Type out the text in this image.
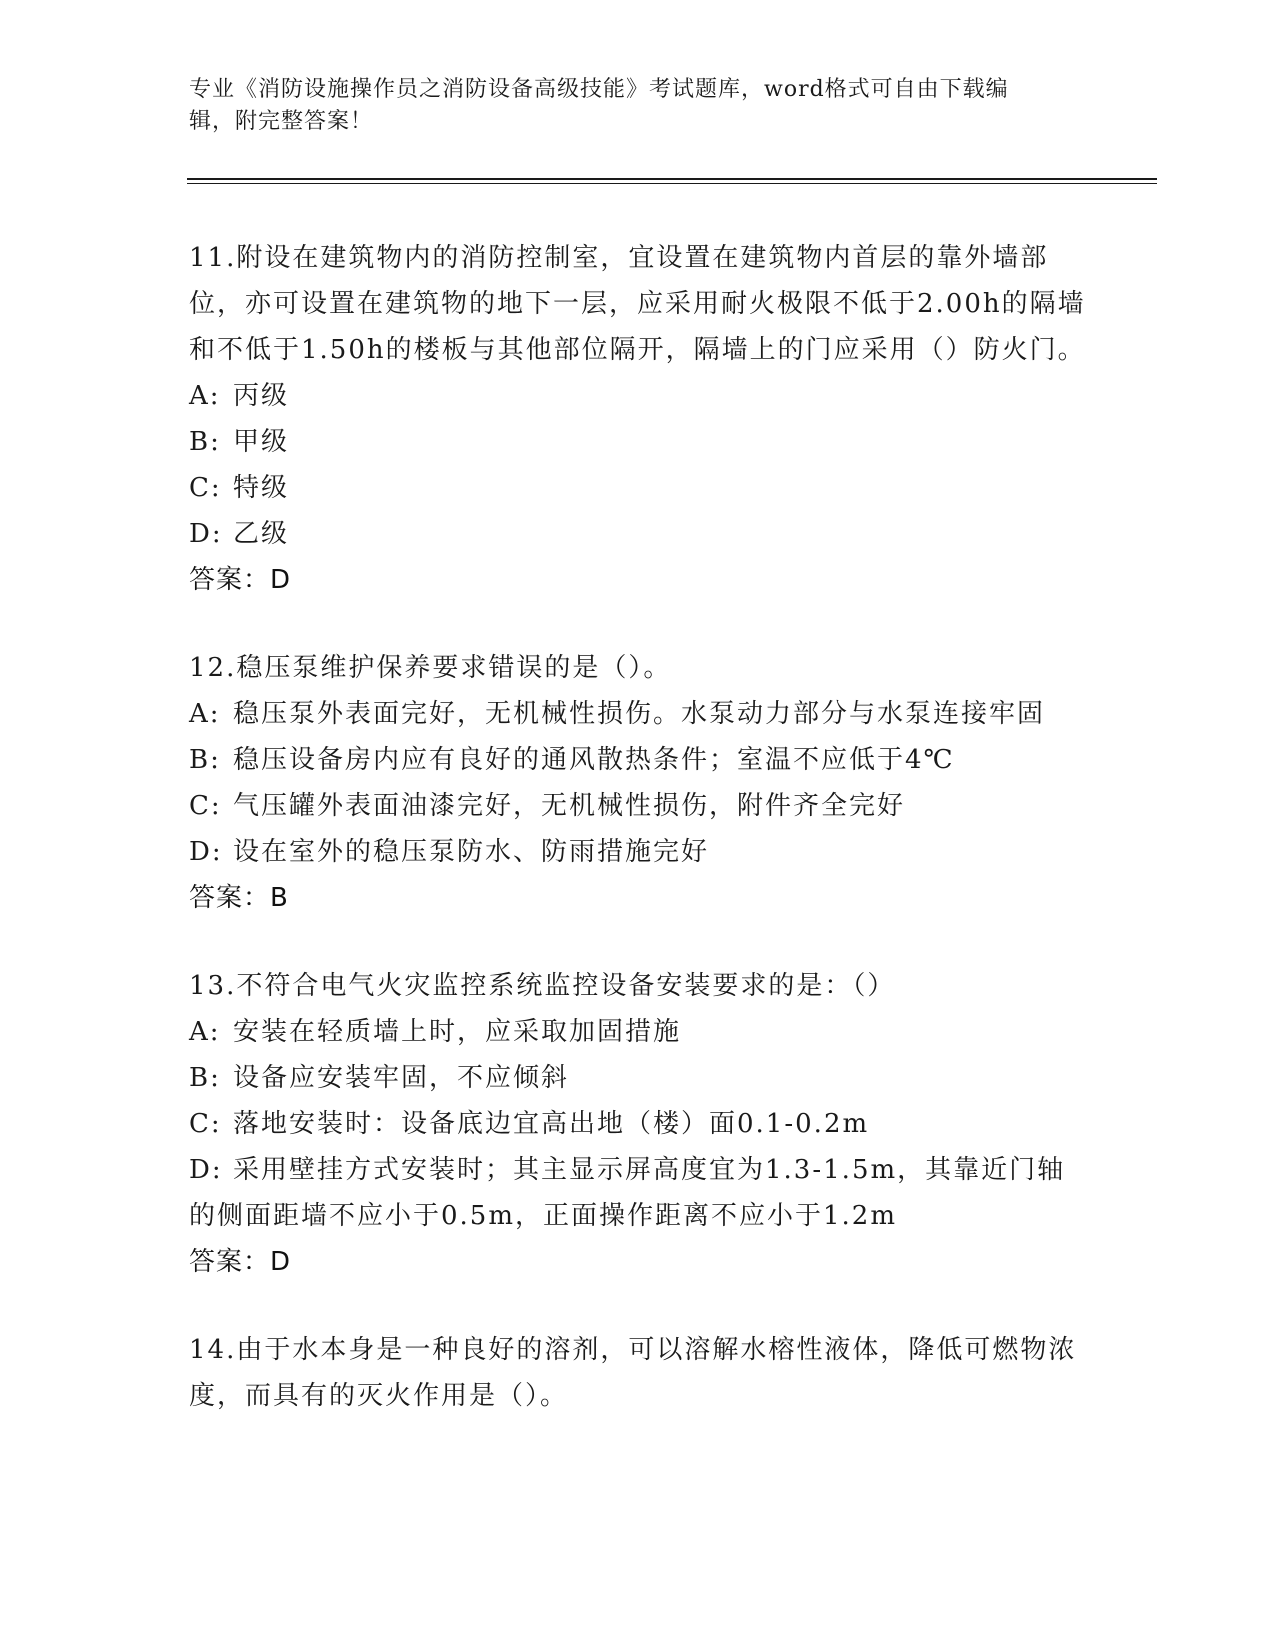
专业《消防设施操作员之消防设备高级技能》考试题库，word格式可自由下载编
辑，附完整答案！

11.附设在建筑物内的消防控制室，宜设置在建筑物内首层的靠外墙部位，亦可设置在建筑物的地下一层，应采用耐火极限不低于2.00h的隔墙和不低于1.50h的楼板与其他部位隔开，隔墙上的门应采用（）防火门。

A: 丙级

B: 甲级

C: 特级

D: 乙级

答案：D

12.稳压泵维护保养要求错误的是（）。

A: 稳压泵外表面完好，无机械性损伤。水泵动力部分与水泵连接牢固

B: 稳压设备房内应有良好的通风散热条件；室温不应低于4℃

C: 气压罐外表面油漆完好，无机械性损伤，附件齐全完好

D: 设在室外的稳压泵防水、防雨措施完好

答案：B

13.不符合电气火灾监控系统监控设备安装要求的是：（）

A: 安装在轻质墙上时，应采取加固措施

B: 设备应安装牢固，不应倾斜

C: 落地安装时：设备底边宜高出地（楼）面0.1-0.2m

D: 采用壁挂方式安装时；其主显示屏高度宜为1.3-1.5m，其靠近门轴的侧面距墙不应小于0.5m，正面操作距离不应小于1.2m

答案：D

14.由于水本身是一种良好的溶剂，可以溶解水榕性液体，降低可燃物浓度，而具有的灭火作用是（）。
